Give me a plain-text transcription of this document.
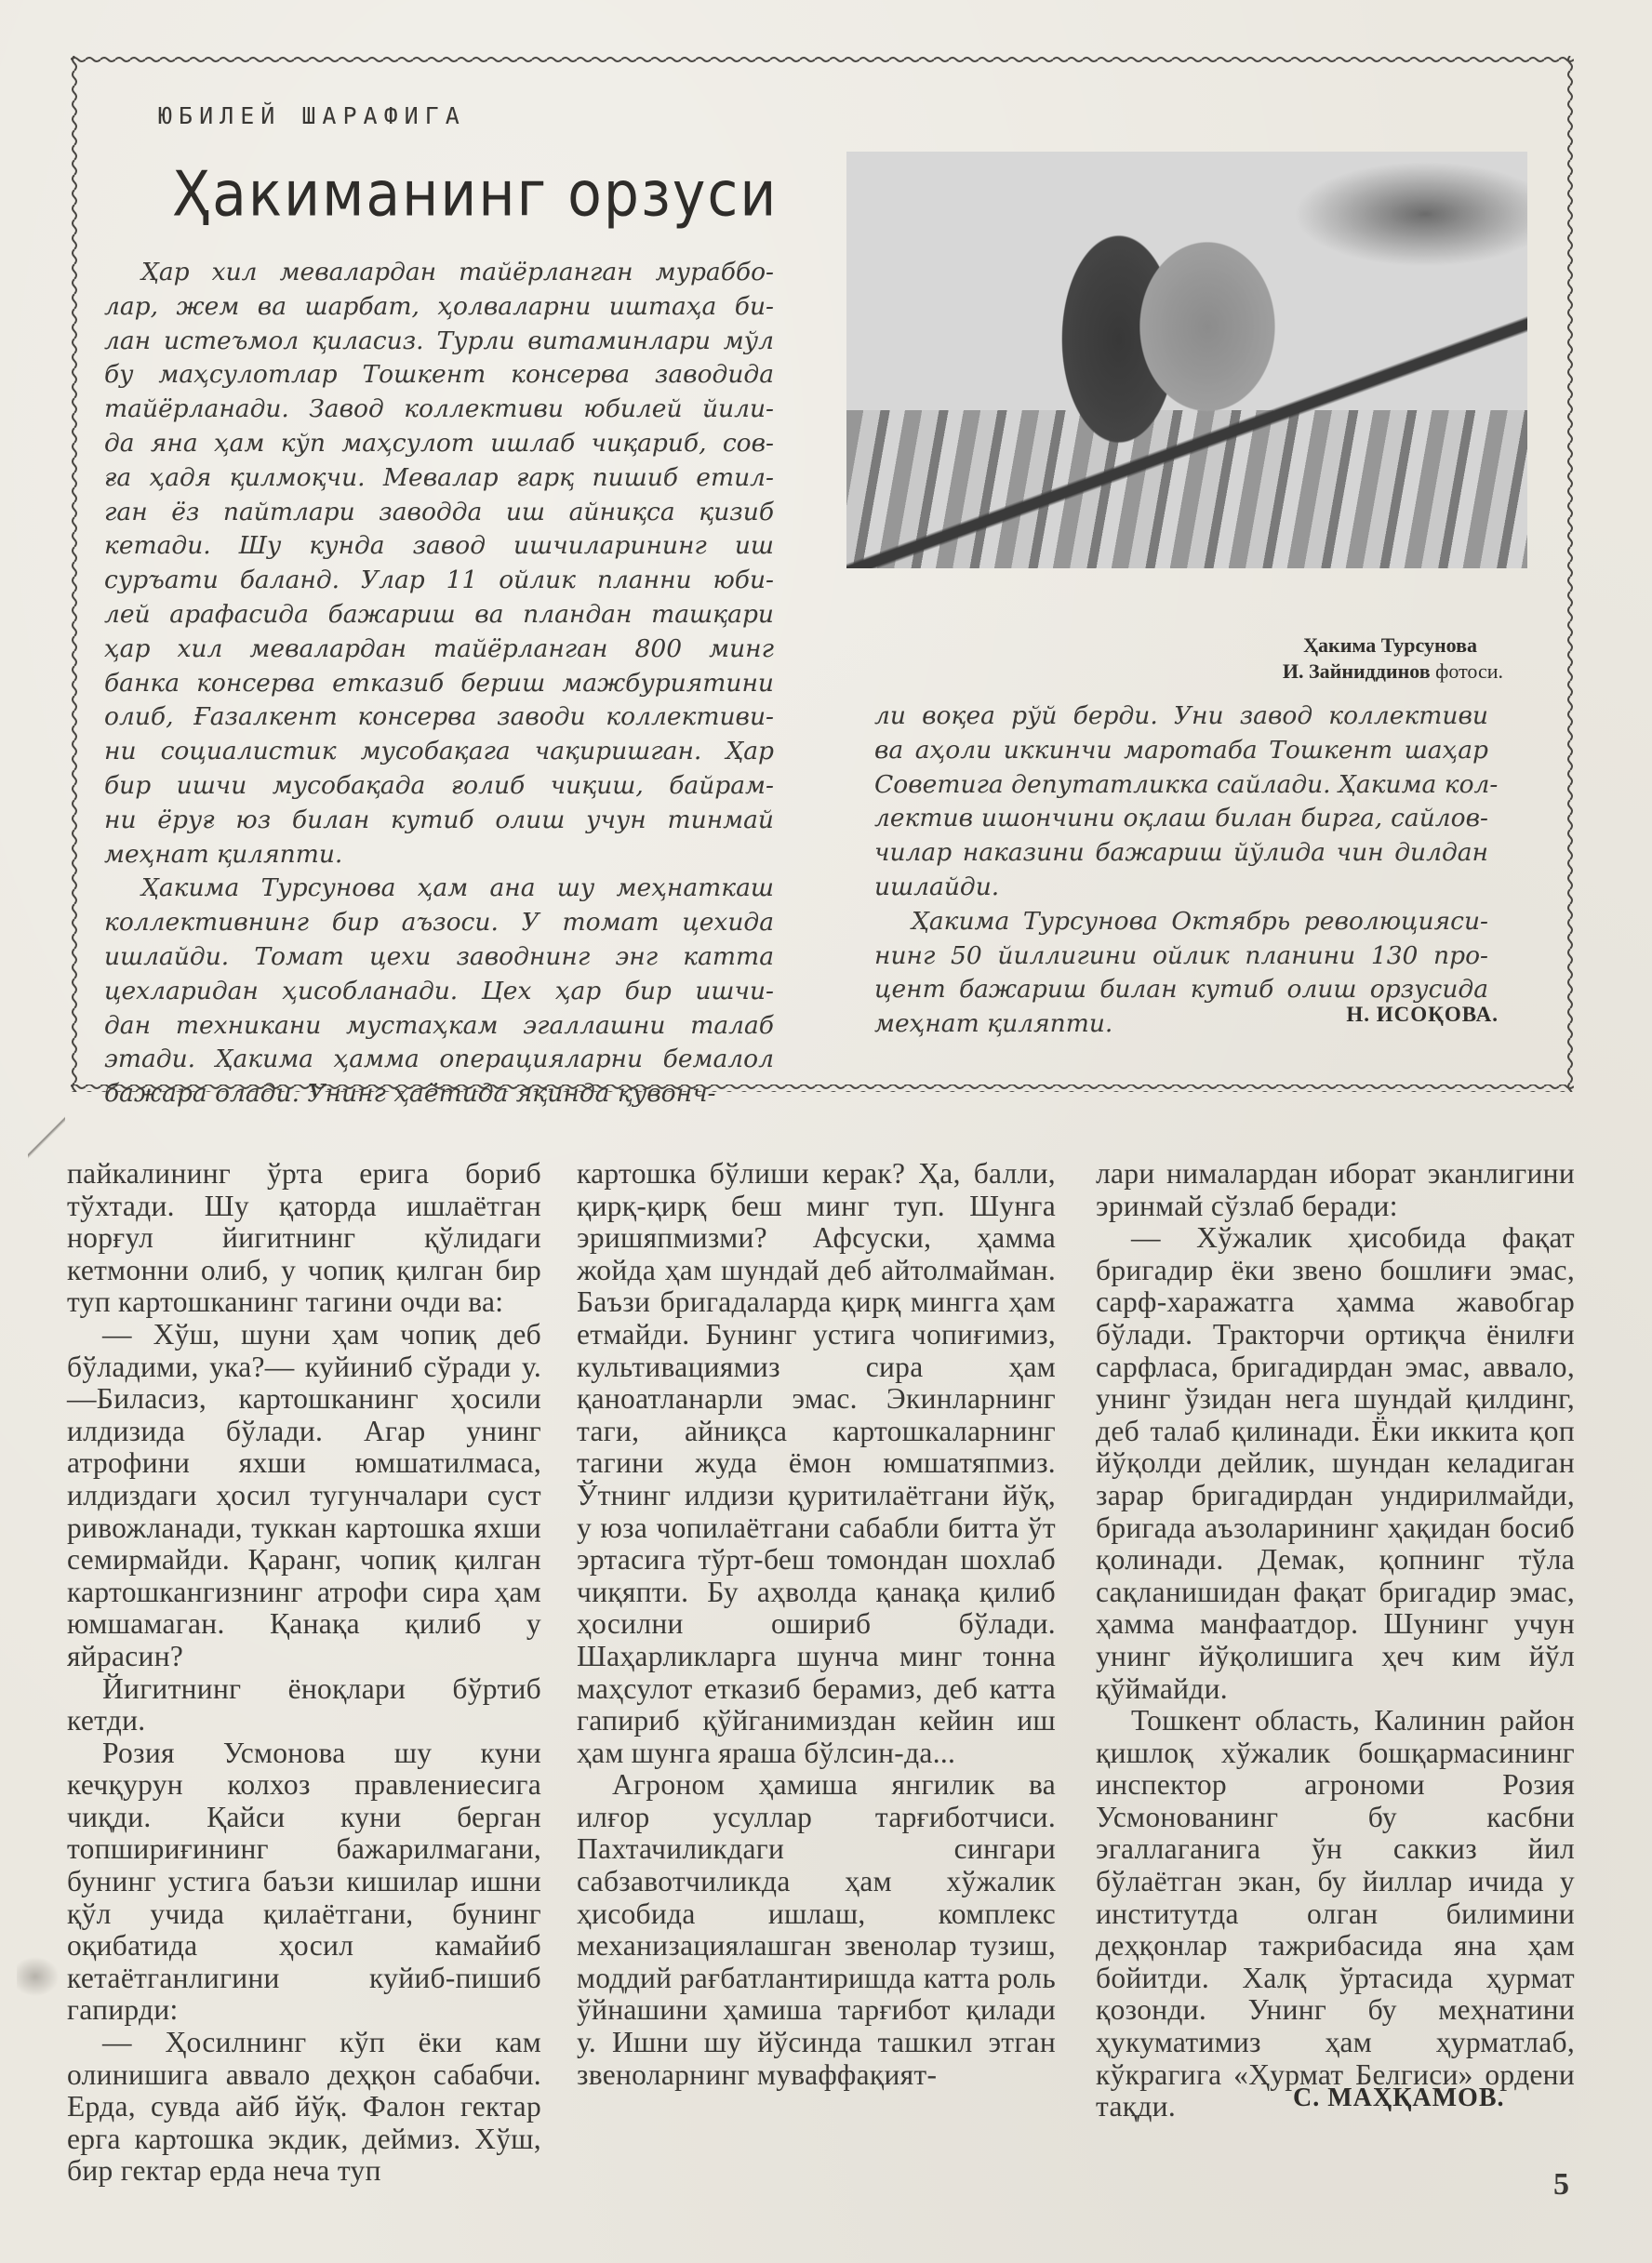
ЮБИЛЕЙ ШАРАФИГА
Ҳакиманинг орзуси
Ҳар хил мевалардан тайёрланган мураббо-
лар, жем ва шарбат, ҳолваларни иштаҳа би-
лан истеъмол қиласиз. Турли витаминлари мўл
бу маҳсулотлар Тошкент консерва заводида
тайёрланади. Завод коллективи юбилей йили-
да яна ҳам кўп маҳсулот ишлаб чиқариб, сов-
ға ҳадя қилмоқчи. Мевалар ғарқ пишиб етил-
ган ёз пайтлари заводда иш айниқса қизиб
кетади. Шу кунда завод ишчиларининг иш
суръати баланд. Улар 11 ойлик планни юби-
лей арафасида бажариш ва пландан ташқари
ҳар хил мевалардан тайёрланган 800 минг
банка консерва етказиб бериш мажбуриятини
олиб, Ғазалкент консерва заводи коллективи-
ни социалистик мусобақага чақиришган. Ҳар
бир ишчи мусобақада ғолиб чиқиш, байрам-
ни ёруғ юз билан кутиб олиш учун тинмай
меҳнат қиляпти.
Ҳакима Турсунова ҳам ана шу меҳнаткаш
коллективнинг бир аъзоси. У томат цехида
ишлайди. Томат цехи заводнинг энг катта
цехларидан ҳисобланади. Цех ҳар бир ишчи-
дан техникани мустаҳкам эгаллашни талаб
этади. Ҳакима ҳамма операцияларни бемалол
бажара олади. Унинг ҳаётида яқинда қувонч-
Ҳакима Турсунова
И. Зайниддинов фотоси.
ли воқеа рўй берди. Уни завод коллективи
ва аҳоли иккинчи маротаба Тошкент шаҳар
Советига депутатликка сайлади. Ҳакима кол-
лектив ишончини оқлаш билан бирга, сайлов-
чилар наказини бажариш йўлида чин дилдан
ишлайди.
Ҳакима Турсунова Октябрь революцияси-
нинг 50 йиллигини ойлик планини 130 про-
цент бажариш билан кутиб олиш орзусида
меҳнат қиляпти.	Н. ИСОҚОВА.

пайкалининг ўрта ерига бориб тўхтади. Шу қаторда ишлаётган норғул йигитнинг қўлидаги кетмонни олиб, у чопиқ қилган бир туп картошканинг тагини очди ва:

— Хўш, шуни ҳам чопиқ деб бўладими, ука?— куйиниб сўради у.—Биласиз, картошканинг ҳосили илдизида бўлади. Агар унинг атрофини яхши юмшатилмаса, илдиздаги ҳосил тугунчалари суст ривожланади, туккан картошка яхши семирмайди. Қаранг, чопиқ қилган картошкангизнинг атрофи сира ҳам юмшамаган. Қанақа қилиб у яйрасин?

Йигитнинг ёноқлари бўртиб кетди.

Розия Усмонова шу куни кечқурун колхоз правлениесига чиқди. Қайси куни берган топшириғининг бажарилмагани, бунинг устига баъзи кишилар ишни қўл учида қилаётгани, бунинг оқибатида ҳосил камайиб кетаётганлигини куйиб-пишиб гапирди:

— Ҳосилнинг кўп ёки кам олинишига аввало деҳқон сабабчи. Ерда, сувда айб йўқ. Фалон гектар ерга картошка экдик, деймиз. Хўш, бир гектар ерда неча туп

картошка бўлиши керак? Ҳа, балли, қирқ-қирқ беш минг туп. Шунга эришяпмизми? Афсуски, ҳамма жойда ҳам шундай деб айтолмайман. Баъзи бригадаларда қирқ мингга ҳам етмайди. Бунинг устига чопиғимиз, культивациямиз сира ҳам қаноатланарли эмас. Экинларнинг таги, айниқса картошкаларнинг тагини жуда ёмон юмшатяпмиз. Ўтнинг илдизи қуритилаётгани йўқ, у юза чопилаётгани сабабли битта ўт эртасига тўрт-беш томондан шохлаб чиқяпти. Бу аҳволда қанақа қилиб ҳосилни ошириб бўлади. Шаҳарликларга шунча минг тонна маҳсулот етказиб берамиз, деб катта гапириб қўйганимиздан кейин иш ҳам шунга яраша бўлсин-да...

Агроном ҳамиша янгилик ва илғор усуллар тарғиботчиси. Пахтачиликдаги сингари сабзавотчиликда ҳам хўжалик ҳисобида ишлаш, комплекс механизациялашган звенолар тузиш, моддий рағбатлантиришда катта роль ўйнашини ҳамиша тарғибот қилади у. Ишни шу йўсинда ташкил этган звеноларнинг муваффақият-

лари нималардан иборат эканлигини эринмай сўзлаб беради:

— Хўжалик ҳисобида фақат бригадир ёки звено бошлиғи эмас, сарф-харажатга ҳамма жавобгар бўлади. Тракторчи ортиқча ёнилғи сарфласа, бригадирдан эмас, аввало, унинг ўзидан нега шундай қилдинг, деб талаб қилинади. Ёки иккита қоп йўқолди дейлик, шундан келадиган зарар бригадирдан ундирилмайди, бригада аъзоларининг ҳақидан босиб қолинади. Демак, қопнинг тўла сақланишидан фақат бригадир эмас, ҳамма манфаатдор. Шунинг учун унинг йўқолишига ҳеч ким йўл қўймайди.

Тошкент область, Калинин район қишлоқ хўжалик бошқармасининг инспектор агрономи Розия Усмонованинг бу касбни эгаллаганига ўн саккиз йил бўлаётган экан, бу йиллар ичида у институтда олган билимини деҳқонлар тажрибасида яна ҳам бойитди. Халқ ўртасида ҳурмат қозонди. Унинг бу меҳнатини ҳукуматимиз ҳам ҳурматлаб, кўкрагига «Ҳурмат Белгиси» ордени тақди.	С. МАҲҚАМОВ.
5
